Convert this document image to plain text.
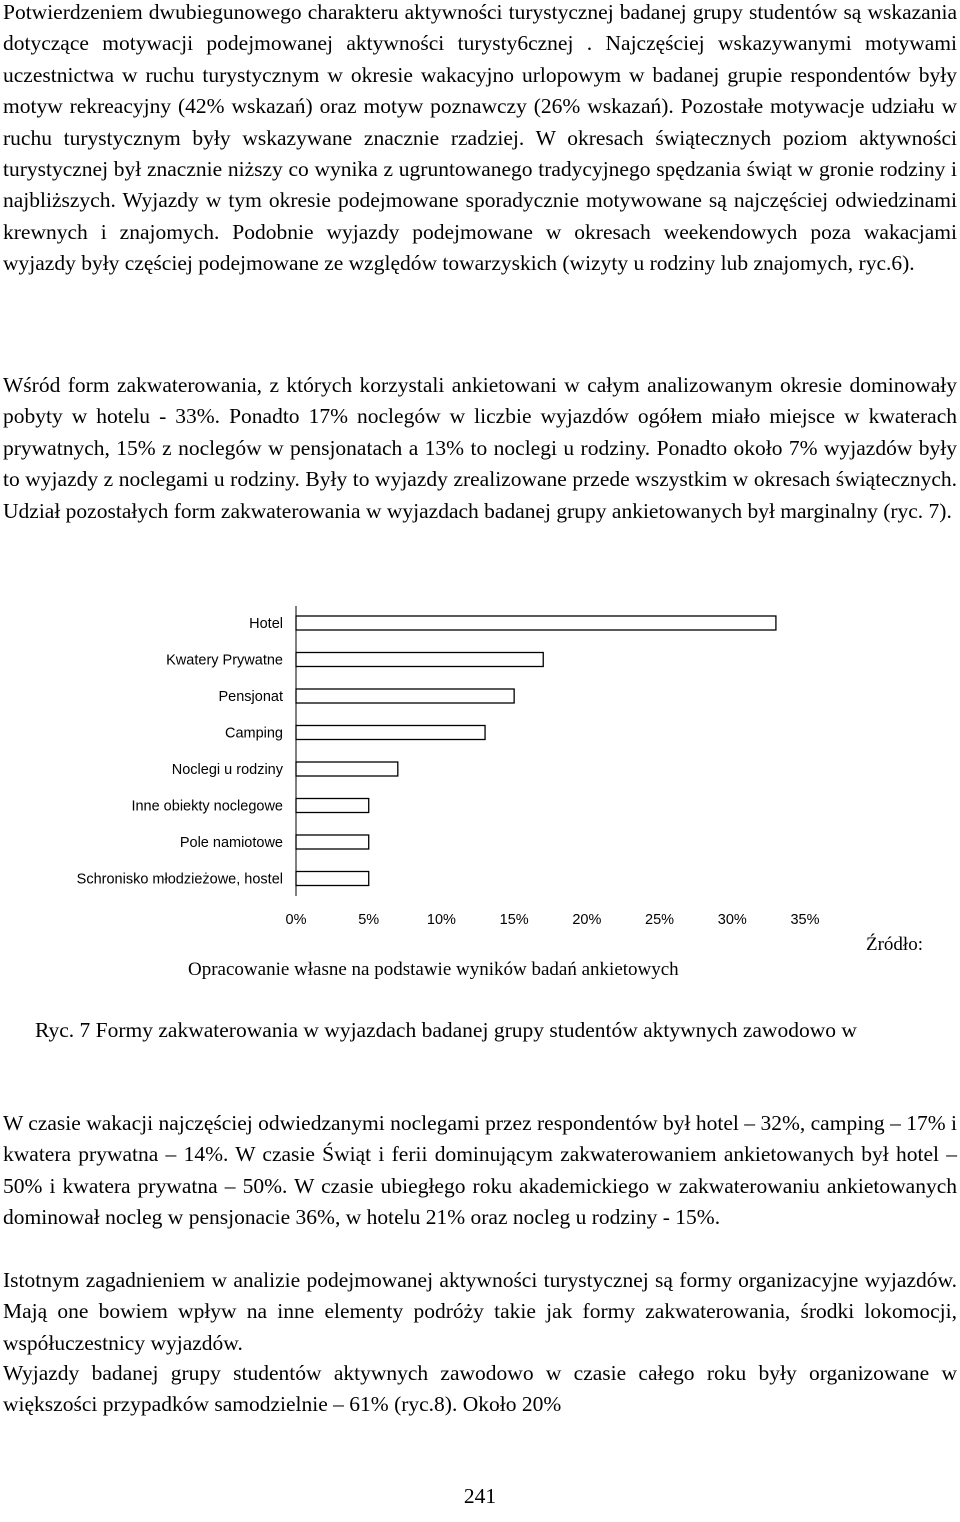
Potwierdzeniem dwubiegunowego charakteru aktywności turystycznej badanej grupy studentów są wskazania dotyczące motywacji podejmowanej aktywności turysty6cznej . Najczęściej wskazywanymi motywami uczestnictwa w ruchu turystycznym w okresie wakacyjno urlopowym w badanej grupie respondentów były motyw rekreacyjny (42% wskazań) oraz motyw poznawczy (26% wskazań). Pozostałe motywacje udziału w ruchu turystycznym były wskazywane znacznie rzadziej. W okresach świątecznych poziom aktywności turystycznej był znacznie niższy co wynika z ugruntowanego tradycyjnego spędzania świąt w gronie rodziny i najbliższych. Wyjazdy w tym okresie podejmowane sporadycznie motywowane są najczęściej odwiedzinami krewnych i znajomych. Podobnie wyjazdy podejmowane w okresach weekendowych poza wakacjami wyjazdy były częściej podejmowane ze względów towarzyskich (wizyty u rodziny lub znajomych, ryc.6).

Wśród form zakwaterowania, z których korzystali ankietowani w całym analizowanym okresie dominowały pobyty w hotelu - 33%. Ponadto 17% noclegów w liczbie wyjazdów ogółem miało miejsce w kwaterach prywatnych, 15% z noclegów w pensjonatach a 13% to noclegi u rodziny. Ponadto około 7% wyjazdów były to wyjazdy z noclegami u rodziny. Były to wyjazdy zrealizowane przede wszystkim w okresach świątecznych. Udział pozostałych form zakwaterowania w wyjazdach badanej grupy ankietowanych był marginalny (ryc. 7).

Hotel
Kwatery Prywatne
Pensjonat
Camping
Noclegi u rodziny
Inne obiekty noclegowe
Pole namiotowe
Schronisko młodzieżowe, hostel
0%	5%	10%	15%	20%	25%	30%	35%
Źródło:
Opracowanie własne na podstawie wyników badań ankietowych

Ryc. 7 Formy zakwaterowania w wyjazdach badanej grupy studentów aktywnych zawodowo w

W czasie wakacji najczęściej odwiedzanymi noclegami przez respondentów był hotel – 32%, camping – 17% i kwatera prywatna – 14%. W czasie Świąt i ferii dominującym zakwaterowaniem ankietowanych był hotel – 50% i kwatera prywatna – 50%. W czasie ubiegłego roku akademickiego w zakwaterowaniu ankietowanych dominował nocleg w pensjonacie 36%, w hotelu 21% oraz nocleg u rodziny - 15%.

Istotnym zagadnieniem w analizie podejmowanej aktywności turystycznej są formy organizacyjne wyjazdów. Mają one bowiem wpływ na inne elementy podróży takie jak formy zakwaterowania, środki lokomocji, współuczestnicy wyjazdów.

Wyjazdy badanej grupy studentów aktywnych zawodowo w czasie całego roku były organizowane w większości przypadków samodzielnie – 61% (ryc.8). Około 20%

241
